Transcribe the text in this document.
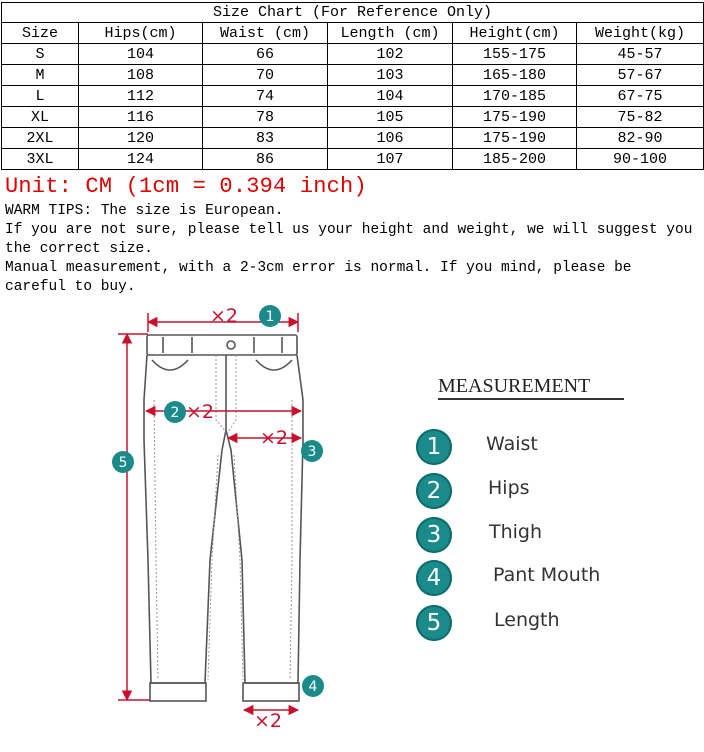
Size Chart (For Reference Only)
Size	Hips(cm)	Waist (cm)	Length (cm)	Height(cm)	Weight(kg)
S	104	66	102	155-175	45-57
M	108	70	103	165-180	57-67
L	112	74	104	170-185	67-75
XL	116	78	105	175-190	75-82
2XL	120	83	106	175-190	82-90
3XL	124	86	107	185-200	90-100
Unit: CM (1cm = 0.394 inch)

WARM TIPS: The size is European.

If you are not sure, please tell us your height and weight, we will suggest you the correct size.

Manual measurement, with a 2-3cm error is normal. If you mind, please be careful to buy.

×2
×2
×2
×2
1
2
3
4
5
MEASUREMENT
1	Waist
2	Hips
3	Thigh
4	Pant Mouth
5	Length
